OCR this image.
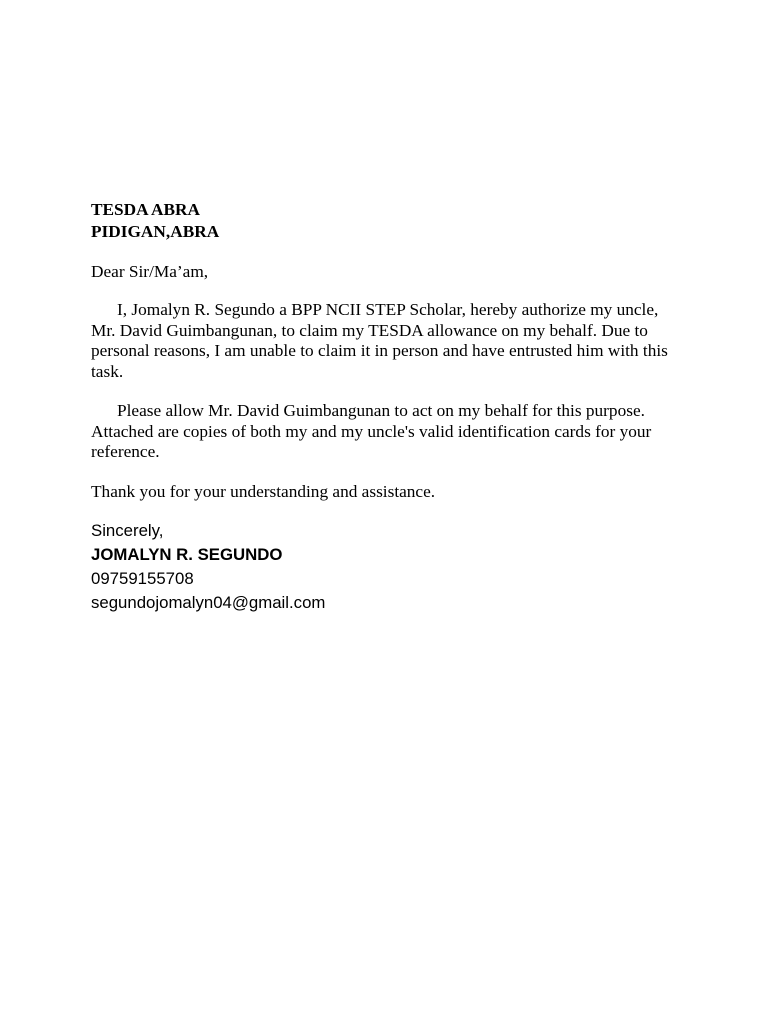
TESDA ABRA
PIDIGAN,ABRA

Dear Sir/Ma’am,

I, Jomalyn R. Segundo a BPP NCII STEP Scholar, hereby authorize my uncle, Mr. David Guimbangunan, to claim my TESDA allowance on my behalf. Due to personal reasons, I am unable to claim it in person and have entrusted him with this task.

Please allow Mr. David Guimbangunan to act on my behalf for this purpose. Attached are copies of both my and my uncle's valid identification cards for your reference.

Thank you for your understanding and assistance.

Sincerely,
JOMALYN R. SEGUNDO
09759155708
segundojomalyn04@gmail.com
